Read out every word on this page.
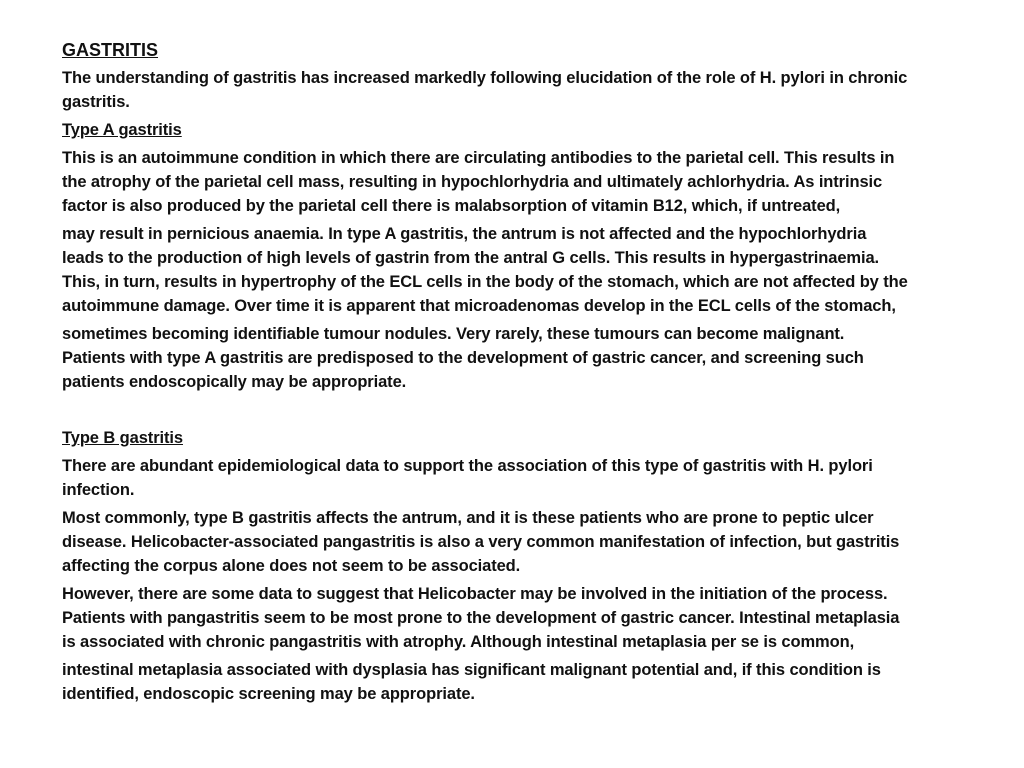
GASTRITIS
The understanding of gastritis has increased markedly following elucidation of the role of H. pylori in chronic
gastritis.
Type A gastritis
This is an autoimmune condition in which there are circulating antibodies to the parietal cell. This results in
the atrophy of the parietal cell mass, resulting in hypochlorhydria and ultimately achlorhydria. As intrinsic
factor is also produced by the parietal cell there is malabsorption of vitamin B12, which, if untreated,
may result in pernicious anaemia. In type A gastritis, the antrum is not affected and the hypochlorhydria
leads to the production of high levels of gastrin from the antral G cells. This results in hypergastrinaemia.
This, in turn, results in hypertrophy of the ECL cells in the body of the stomach, which are not affected by the
autoimmune damage. Over time it is apparent that microadenomas develop in the ECL cells of the stomach,
sometimes becoming identifiable tumour nodules. Very rarely, these tumours can become malignant.
Patients with type A gastritis are predisposed to the development of gastric cancer, and screening such
patients endoscopically may be appropriate.
Type B gastritis
There are abundant epidemiological data to support the association of this type of gastritis with H. pylori
infection.
Most commonly, type B gastritis affects the antrum, and it is these patients who are prone to peptic ulcer
disease. Helicobacter-associated pangastritis is also a very common manifestation of infection, but gastritis
affecting the corpus alone does not seem to be associated.
However, there are some data to suggest that Helicobacter may be involved in the initiation of the process.
Patients with pangastritis seem to be most prone to the development of gastric cancer. Intestinal metaplasia
is associated with chronic pangastritis with atrophy. Although intestinal metaplasia per se is common,
intestinal metaplasia associated with dysplasia has significant malignant potential and, if this condition is
identified, endoscopic screening may be appropriate.
